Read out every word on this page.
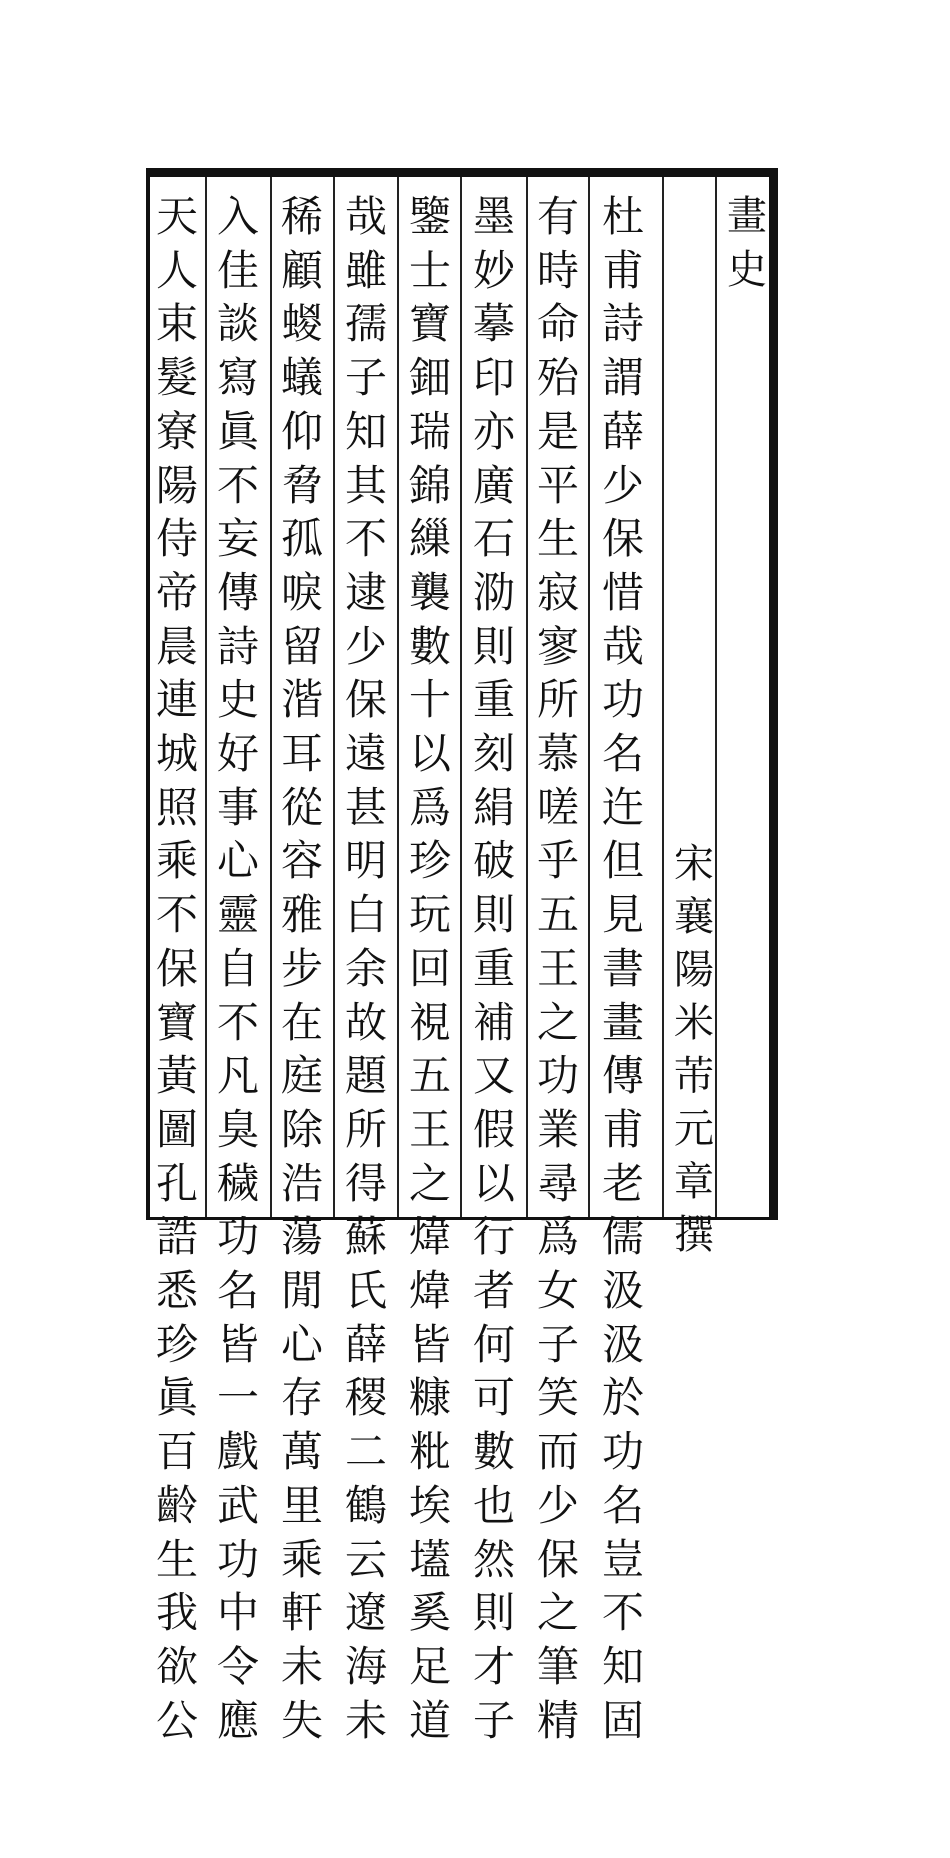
畫史
宋襄陽米芾元章撰
杜甫詩謂薛少保惜哉功名迕但見書畫傳甫老儒汲汲於功名豈不知固
有時命殆是平生寂寥所慕嗟乎五王之功業尋爲女子笑而少保之筆精
墨妙摹印亦廣石泐則重刻絹破則重補又假以行者何可數也然則才子
鑒士寶鈿瑞錦繅襲數十以爲珍玩回視五王之煒煒皆糠粃埃壒奚足道
哉雖孺子知其不逮少保遠甚明白余故題所得蘇氏薛稷二鶴云遼海未
稀顧蝬蟻仰脅孤唳留湝耳從容雅步在庭除浩蕩閒心存萬里乘軒未失
入佳談寫眞不妄傳詩史好事心靈自不凡臭穢功名皆一戲武功中令應
天人束髮寮陽侍帝晨連城照乘不保寶黃圖孔誥悉珍眞百齡生我欲公
